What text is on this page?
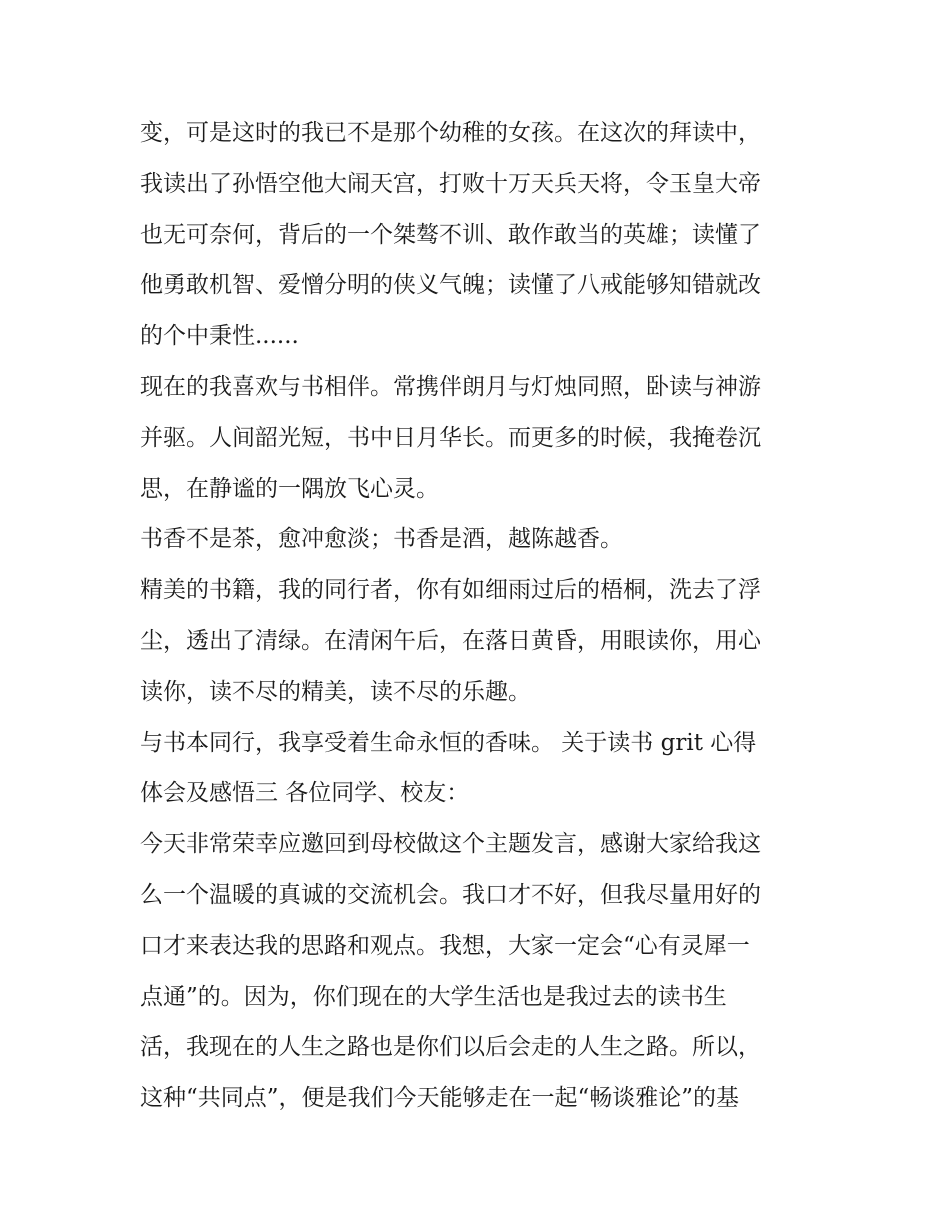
变，可是这时的我已不是那个幼稚的女孩。在这次的拜读中，

我读出了孙悟空他大闹天宫，打败十万天兵天将，令玉皇大帝

也无可奈何，背后的一个桀骜不训、敢作敢当的英雄；读懂了

他勇敢机智、爱憎分明的侠义气魄；读懂了八戒能够知错就改

的个中秉性......

现在的我喜欢与书相伴。常携伴朗月与灯烛同照，卧读与神游

并驱。人间韶光短，书中日月华长。而更多的时候，我掩卷沉

思，在静谧的一隅放飞心灵。

书香不是茶，愈冲愈淡；书香是酒，越陈越香。

精美的书籍，我的同行者，你有如细雨过后的梧桐，洗去了浮

尘，透出了清绿。在清闲午后，在落日黄昏，用眼读你，用心

读你，读不尽的精美，读不尽的乐趣。

与书本同行，我享受着生命永恒的香味。 关于读书 grit 心得

体会及感悟三 各位同学、校友：

今天非常荣幸应邀回到母校做这个主题发言，感谢大家给我这

么一个温暖的真诚的交流机会。我口才不好，但我尽量用好的

口才来表达我的思路和观点。我想，大家一定会“心有灵犀一

点通”的。因为，你们现在的大学生活也是我过去的读书生

活，我现在的人生之路也是你们以后会走的人生之路。所以，

这种“共同点”，便是我们今天能够走在一起“畅谈雅论”的基
